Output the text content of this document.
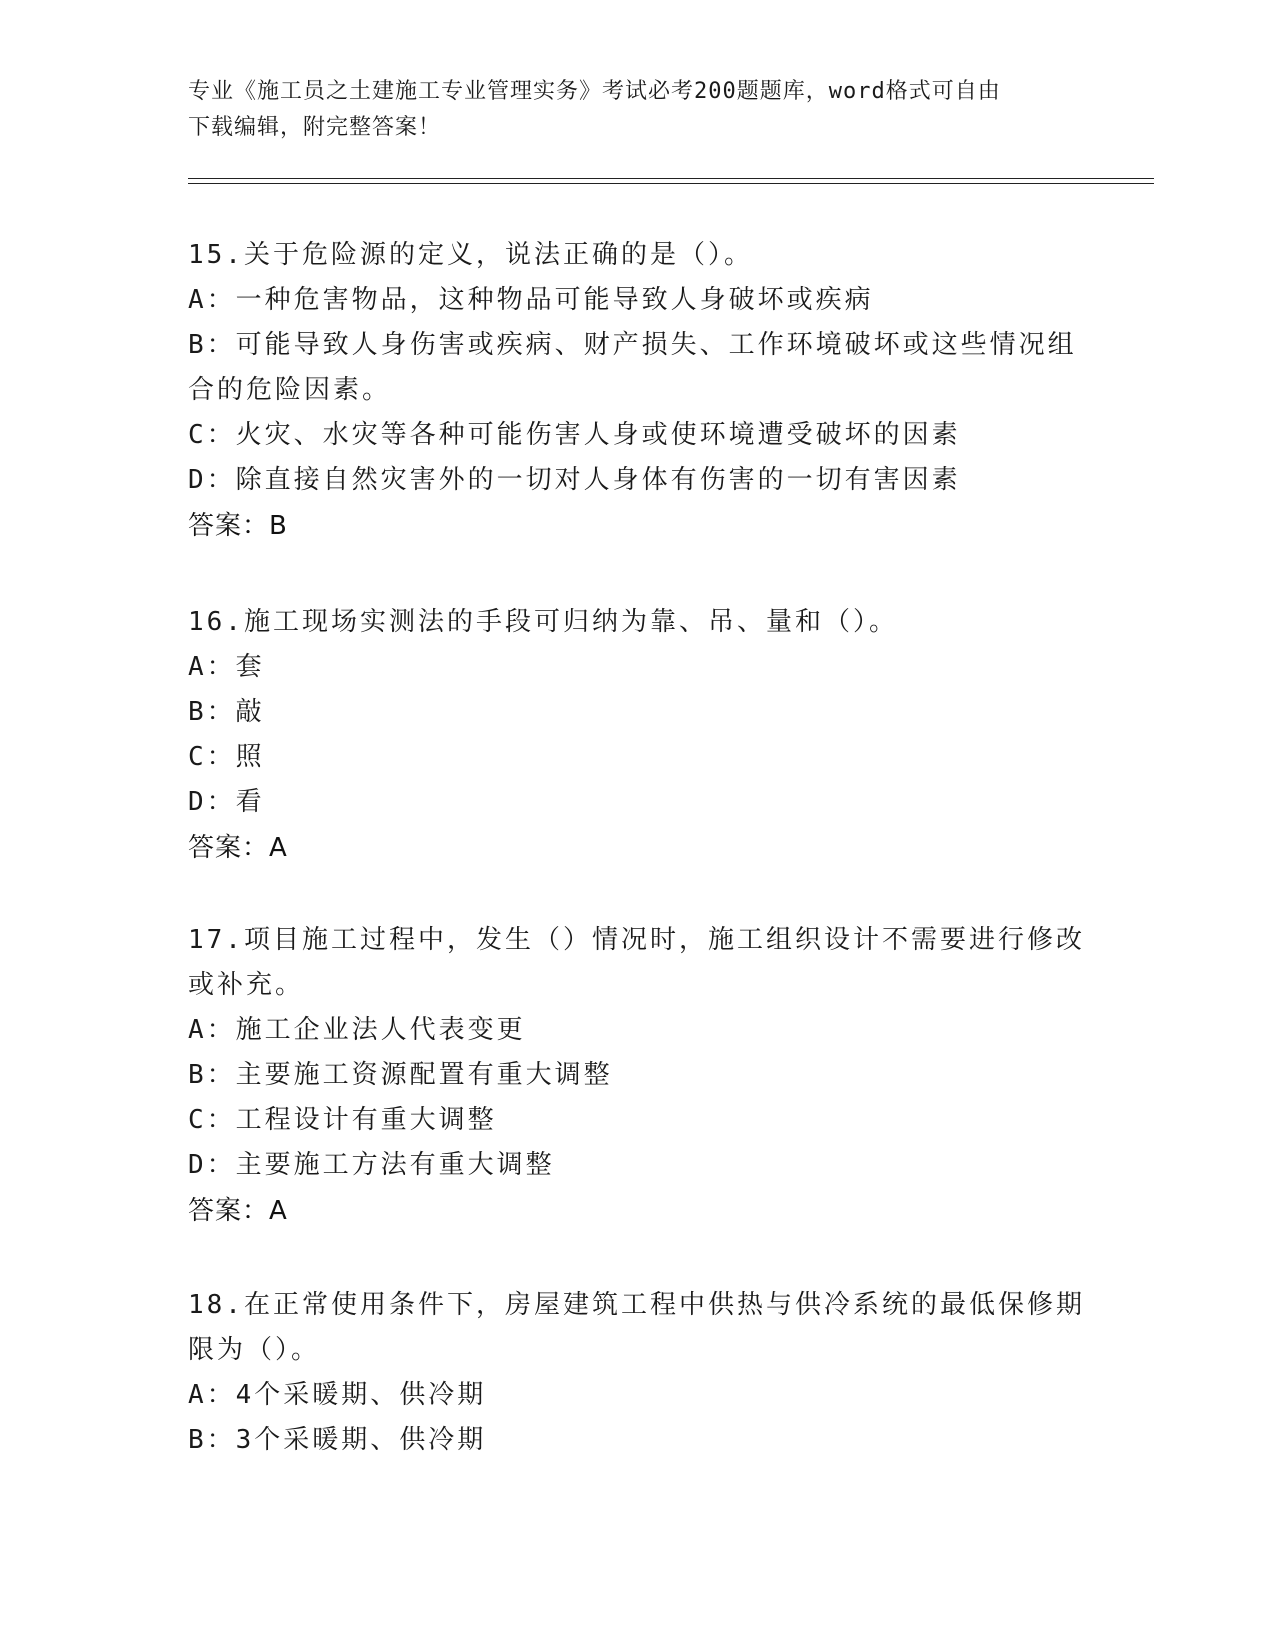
专业《施工员之土建施工专业管理实务》考试必考200题题库，word格式可自由
下载编辑，附完整答案！
15.关于危险源的定义，说法正确的是（）。
A：一种危害物品，这种物品可能导致人身破坏或疾病
B：可能导致人身伤害或疾病、财产损失、工作环境破坏或这些情况组
合的危险因素。
C：火灾、水灾等各种可能伤害人身或使环境遭受破坏的因素
D：除直接自然灾害外的一切对人身体有伤害的一切有害因素
答案：B
16.施工现场实测法的手段可归纳为靠、吊、量和（）。
A：套
B：敲
C：照
D：看
答案：A
17.项目施工过程中，发生（）情况时，施工组织设计不需要进行修改
或补充。
A：施工企业法人代表变更
B：主要施工资源配置有重大调整
C：工程设计有重大调整
D：主要施工方法有重大调整
答案：A
18.在正常使用条件下，房屋建筑工程中供热与供冷系统的最低保修期
限为（）。
A：4个采暖期、供冷期
B：3个采暖期、供冷期
